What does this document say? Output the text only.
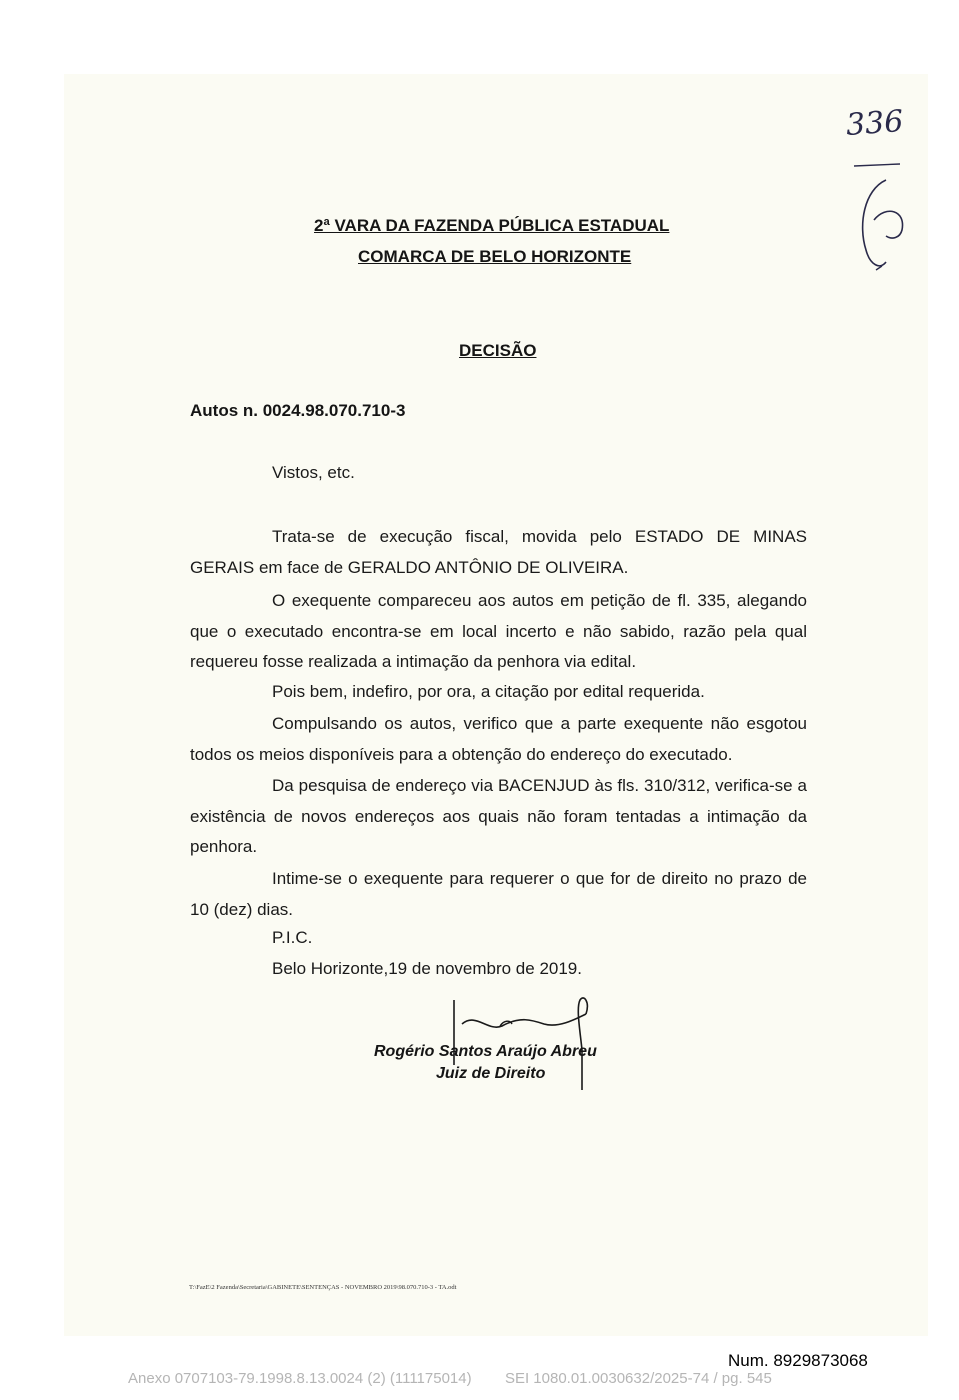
336
2ª VARA DA FAZENDA PÚBLICA ESTADUAL
COMARCA DE BELO HORIZONTE
DECISÃO
Autos n. 0024.98.070.710-3
Vistos, etc.
Trata-se de execução fiscal, movida pelo ESTADO DE MINAS GERAIS em face de GERALDO ANTÔNIO DE OLIVEIRA.
O exequente compareceu aos autos em petição de fl. 335, alegando que o executado encontra-se em local incerto e não sabido, razão pela qual requereu fosse realizada a intimação da penhora via edital.
Pois bem, indefiro, por ora, a citação por edital requerida.
Compulsando os autos, verifico que a parte exequente não esgotou todos os meios disponíveis para a obtenção do endereço do executado.
Da pesquisa de endereço via BACENJUD às fls. 310/312, verifica-se a existência de novos endereços aos quais não foram tentadas a intimação da penhora.
Intime-se o exequente para requerer o que for de direito no prazo de 10 (dez) dias.
P.I.C.
Belo Horizonte,19 de novembro de 2019.
Rogério Santos Araújo Abreu
Juiz de Direito
T:\FazE\2 Fazenda\Secretaria\GABINETE\SENTENÇAS - NOVEMBRO 2019\98.070.710-3 - TA.odt
Num. 8929873068
Anexo 0707103-79.1998.8.13.0024 (2) (111175014)        SEI 1080.01.0030632/2025-74 / pg. 545
